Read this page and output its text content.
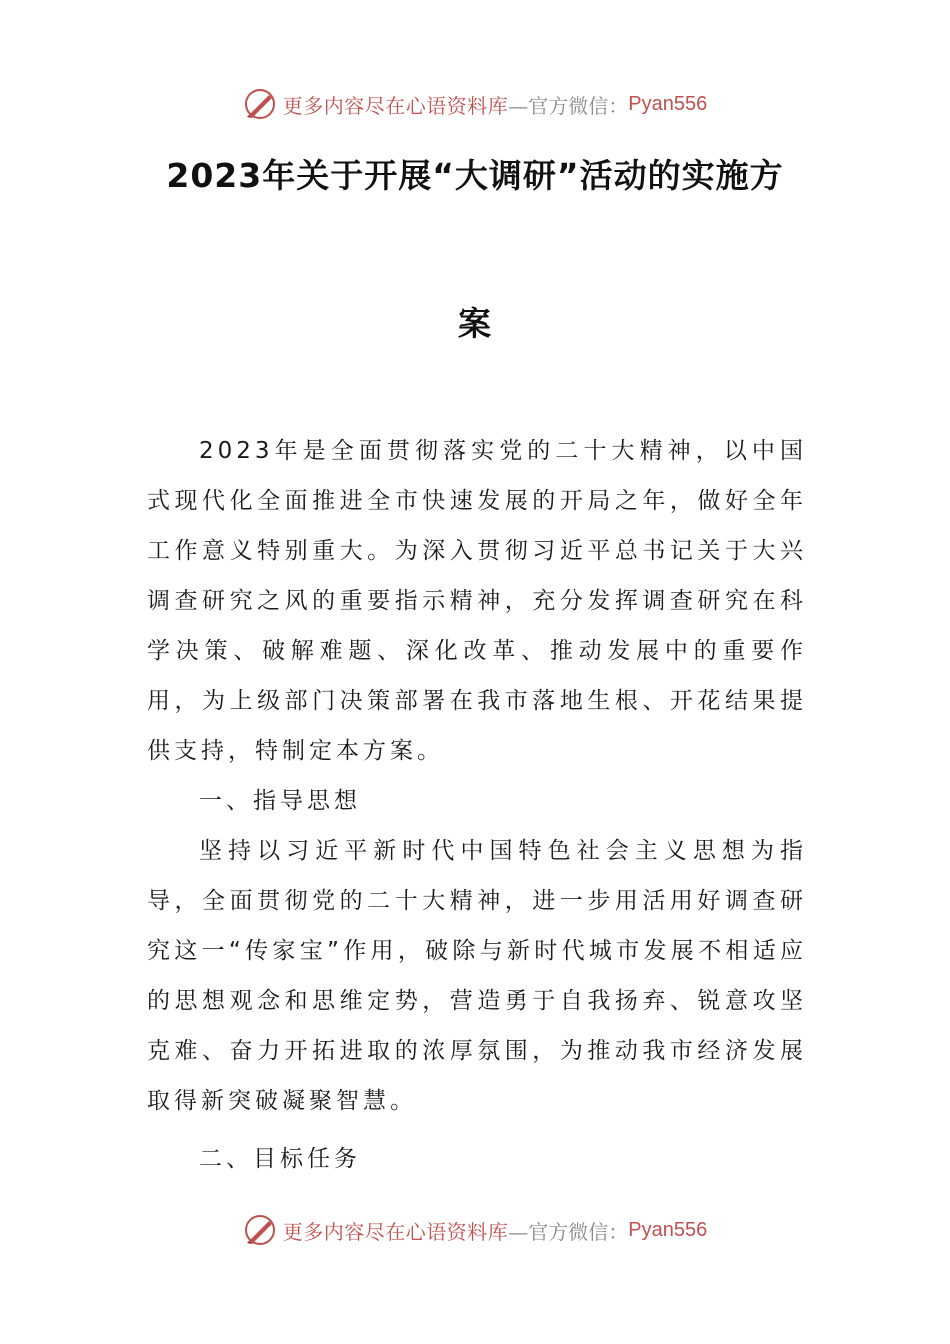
更多内容尽在心语资料库 —官方微信： Pyan556
2023年关于开展“大调研”活动的实施方
案

2023年是全面贯彻落实党的二十大精神，以中国式现代化全面推进全市快速发展的开局之年，做好全年工作意义特别重大。为深入贯彻习近平总书记关于大兴调查研究之风的重要指示精神，充分发挥调查研究在科学决策、破解难题、深化改革、推动发展中的重要作用，为上级部门决策部署在我市落地生根、开花结果提供支持，特制定本方案。

一、指导思想

坚持以习近平新时代中国特色社会主义思想为指导，全面贯彻党的二十大精神，进一步用活用好调查研究这一“传家宝”作用，破除与新时代城市发展不相适应的思想观念和思维定势，营造勇于自我扬弃、锐意攻坚克难、奋力开拓进取的浓厚氛围，为推动我市经济发展取得新突破凝聚智慧。

二、目标任务

更多内容尽在心语资料库 —官方微信： Pyan556
